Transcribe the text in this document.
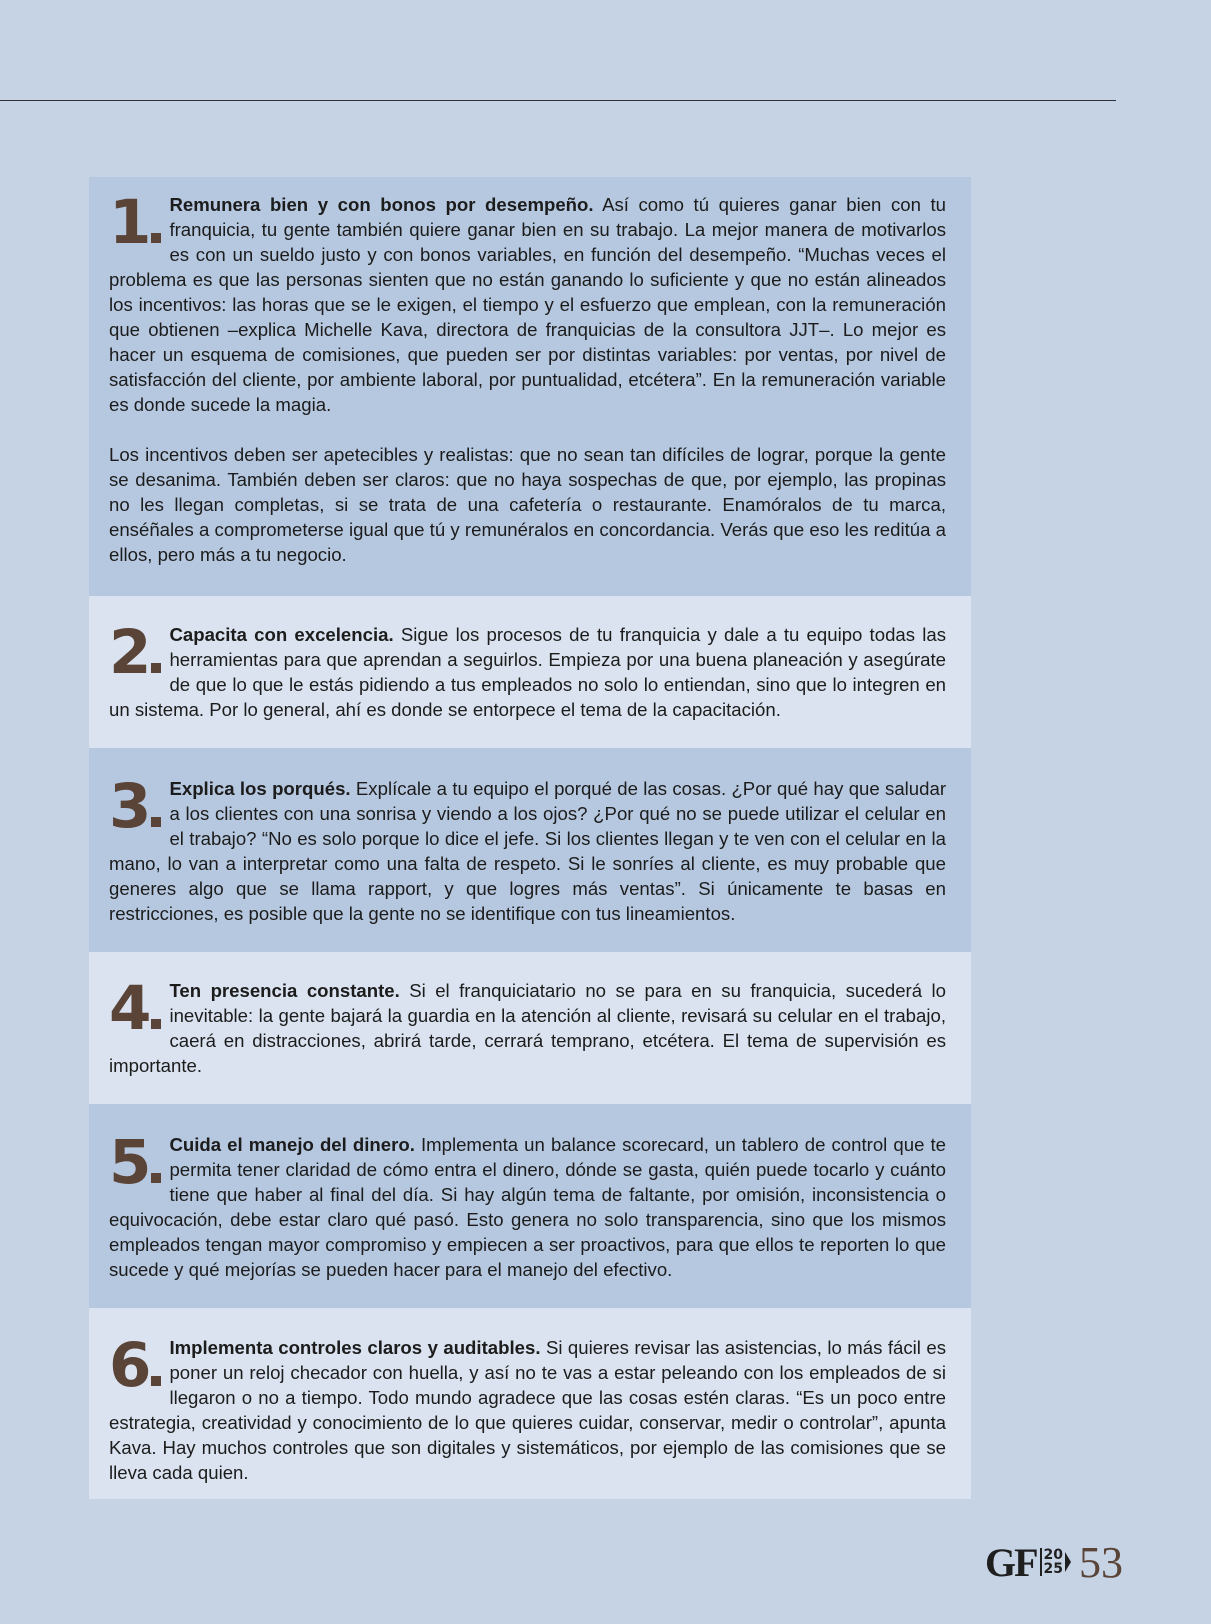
1	Remunera bien y con bonos por desempeño. Así como tú quieres ganar bien con tu franquicia, tu gente también quiere ganar bien en su trabajo. La mejor manera de motivarlos es con un sueldo justo y con bonos variables, en función del desempeño. “Muchas veces el problema es que las personas sienten que no están ganando lo suficiente y que no están alineados los incentivos: las horas que se le exigen, el tiempo y el esfuerzo que emplean, con la remuneración que obtienen –explica Michelle Kava, directora de franquicias de la consultora JJT–. Lo mejor es hacer un esquema de comisiones, que pueden ser por distintas variables: por ventas, por nivel de satisfacción del cliente, por ambiente laboral, por puntualidad, etcétera”. En la remuneración variable es donde sucede la magia.

Los incentivos deben ser apetecibles y realistas: que no sean tan difíciles de lograr, porque la gente se desanima. También deben ser claros: que no haya sospechas de que, por ejemplo, las propinas no les llegan completas, si se trata de una cafetería o restaurante. Enamóralos de tu marca, enséñales a comprometerse igual que tú y remunéralos en concordancia. Verás que eso les reditúa a ellos, pero más a tu negocio.

2	Capacita con excelencia. Sigue los procesos de tu franquicia y dale a tu equipo todas las herramientas para que aprendan a seguirlos. Empieza por una buena planeación y asegúrate de que lo que le estás pidiendo a tus empleados no solo lo entiendan, sino que lo integren en un sistema. Por lo general, ahí es donde se entorpece el tema de la capacitación.

3	Explica los porqués. Explícale a tu equipo el porqué de las cosas. ¿Por qué hay que saludar a los clientes con una sonrisa y viendo a los ojos? ¿Por qué no se puede utilizar el celular en el trabajo? “No es solo porque lo dice el jefe. Si los clientes llegan y te ven con el celular en la mano, lo van a interpretar como una falta de respeto. Si le sonríes al cliente, es muy probable que generes algo que se llama rapport, y que logres más ventas”. Si únicamente te basas en restricciones, es posible que la gente no se identifique con tus lineamientos.

4	Ten presencia constante. Si el franquiciatario no se para en su franquicia, sucederá lo inevitable: la gente bajará la guardia en la atención al cliente, revisará su celular en el trabajo, caerá en distracciones, abrirá tarde, cerrará temprano, etcétera. El tema de supervisión es importante.

5	Cuida el manejo del dinero. Implementa un balance scorecard, un tablero de control que te permita tener claridad de cómo entra el dinero, dónde se gasta, quién puede tocarlo y cuánto tiene que haber al final del día. Si hay algún tema de faltante, por omisión, inconsistencia o equivocación, debe estar claro qué pasó. Esto genera no solo transparencia, sino que los mismos empleados tengan mayor compromiso y empiecen a ser proactivos, para que ellos te reporten lo que sucede y qué mejorías se pueden hacer para el manejo del efectivo.

6	Implementa controles claros y auditables. Si quieres revisar las asistencias, lo más fácil es poner un reloj checador con huella, y así no te vas a estar peleando con los empleados de si llegaron o no a tiempo. Todo mundo agradece que las cosas estén claras. “Es un poco entre estrategia, creatividad y conocimiento de lo que quieres cuidar, conservar, medir o controlar”, apunta Kava. Hay muchos controles que son digitales y sistemáticos, por ejemplo de las comisiones que se lleva cada quien.

GF 20
25 53
